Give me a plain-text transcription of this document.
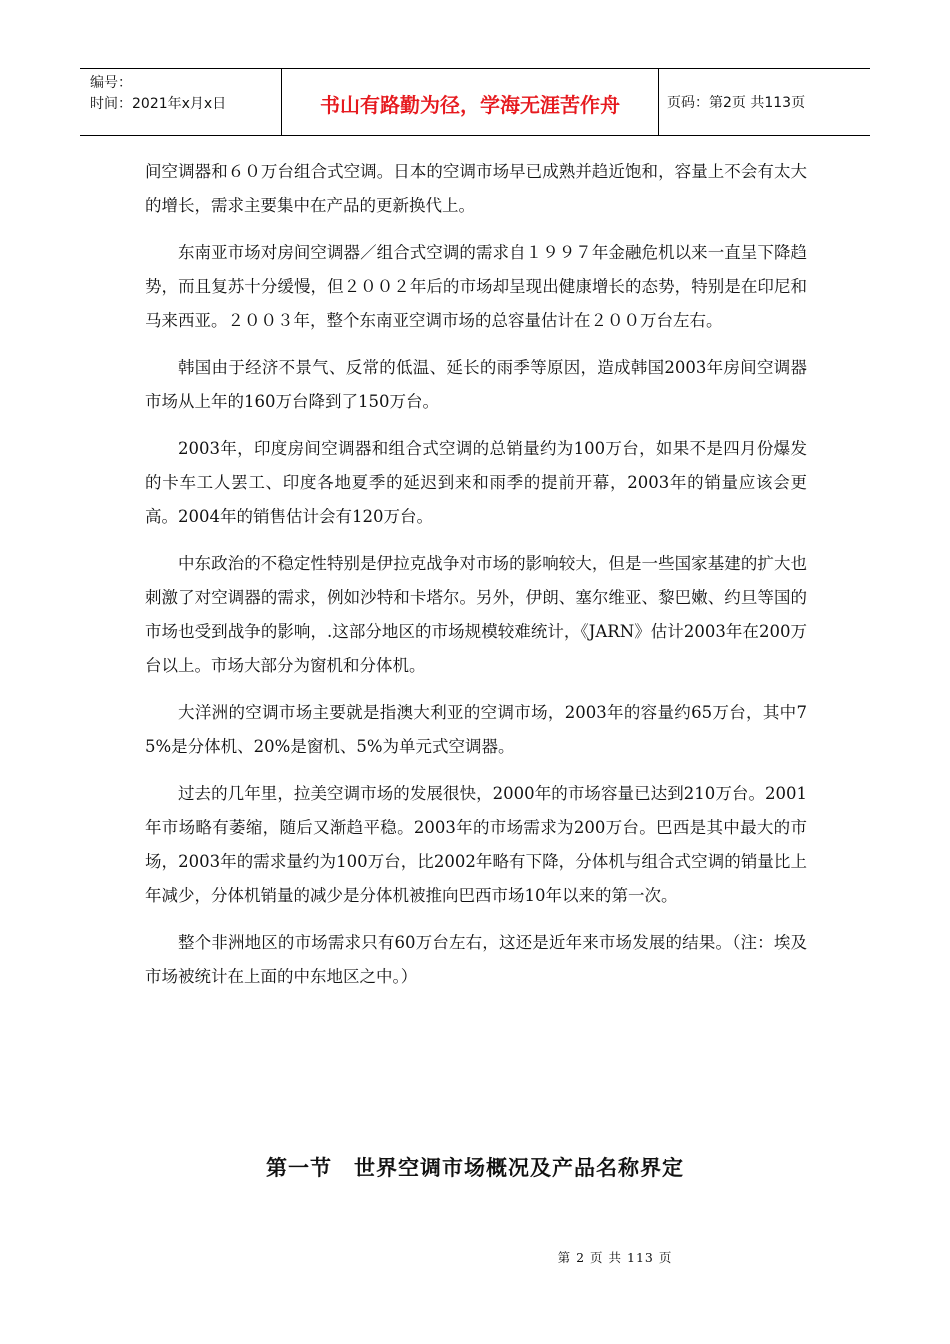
编号：
时间：2021年x月x日	书山有路勤为径，学海无涯苦作舟	页码：第2页 共113页

间空调器和６０万台组合式空调。日本的空调市场早已成熟并趋近饱和，容量上不会有太大的增长，需求主要集中在产品的更新换代上。

东南亚市场对房间空调器／组合式空调的需求自１９９７年金融危机以来一直呈下降趋势，而且复苏十分缓慢，但２００２年后的市场却呈现出健康增长的态势，特别是在印尼和马来西亚。２００３年，整个东南亚空调市场的总容量估计在２００万台左右。

韩国由于经济不景气、反常的低温、延长的雨季等原因，造成韩国2003年房间空调器市场从上年的160万台降到了150万台。

2003年，印度房间空调器和组合式空调的总销量约为100万台，如果不是四月份爆发的卡车工人罢工、印度各地夏季的延迟到来和雨季的提前开幕，2003年的销量应该会更高。2004年的销售估计会有120万台。

中东政治的不稳定性特别是伊拉克战争对市场的影响较大，但是一些国家基建的扩大也刺激了对空调器的需求，例如沙特和卡塔尔。另外，伊朗、塞尔维亚、黎巴嫩、约旦等国的市场也受到战争的影响，.这部分地区的市场规模较难统计，《JARN》估计2003年在200万台以上。市场大部分为窗机和分体机。

大洋洲的空调市场主要就是指澳大利亚的空调市场，2003年的容量约65万台，其中75%是分体机、20%是窗机、5%为单元式空调器。

过去的几年里，拉美空调市场的发展很快，2000年的市场容量已达到210万台。2001年市场略有萎缩，随后又渐趋平稳。2003年的市场需求为200万台。巴西是其中最大的市场，2003年的需求量约为100万台，比2002年略有下降，分体机与组合式空调的销量比上年减少，分体机销量的减少是分体机被推向巴西市场10年以来的第一次。

整个非洲地区的市场需求只有60万台左右，这还是近年来市场发展的结果。（注：埃及市场被统计在上面的中东地区之中。）

第一节　世界空调市场概况及产品名称界定
第 2 页 共 113 页
